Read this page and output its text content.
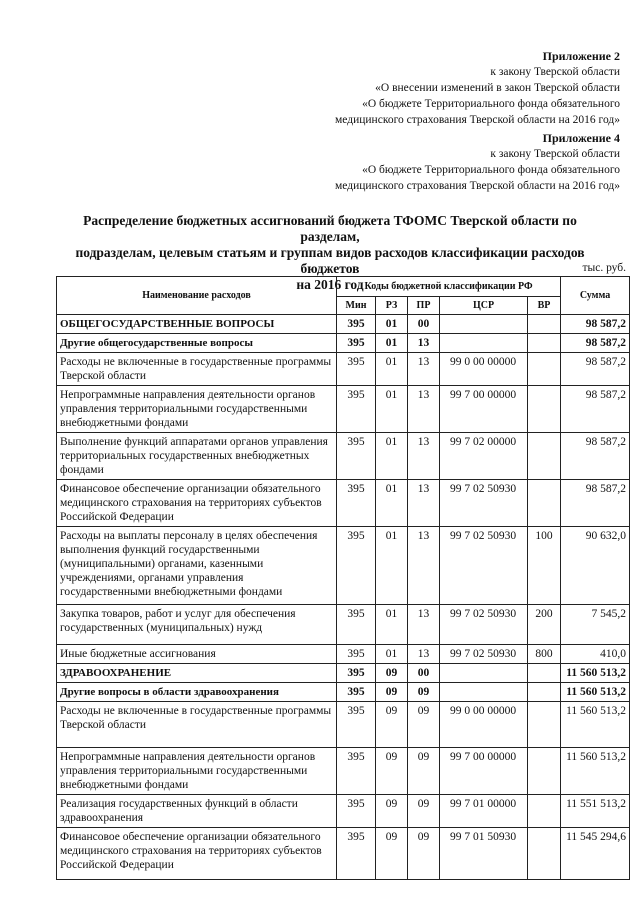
Приложение 2
к закону Тверской области
«О внесении изменений в закон Тверской области
«О бюджете Территориального фонда обязательного
медицинского страхования Тверской области на 2016 год»
Приложение 4
к закону Тверской области
«О бюджете Территориального фонда обязательного
медицинского страхования Тверской области на 2016 год»
Распределение бюджетных ассигнований бюджета ТФОМС Тверской области по разделам,
подразделам, целевым статьям и группам видов расходов классификации расходов бюджетов
на 2016 год
тыс. руб.
Наименование расходов	Коды бюджетной классификации РФ					Сумма
	Мин	РЗ	ПР	ЦСР	ВР	
ОБЩЕГОСУДАРСТВЕННЫЕ ВОПРОСЫ	395	01	00			98 587,2
Другие общегосударственные вопросы	395	01	13			98 587,2
Расходы не включенные в государственные программы Тверской области	395	01	13	99 0 00 00000		98 587,2
Непрограммные направления деятельности органов управления территориальными государственными внебюджетными фондами	395	01	13	99 7 00 00000		98 587,2
Выполнение функций аппаратами органов управления территориальных государственных внебюджетных фондами	395	01	13	99 7 02 00000		98 587,2
Финансовое обеспечение организации обязательного медицинского страхования на территориях субъектов Российской Федерации	395	01	13	99 7 02 50930		98 587,2
Расходы на выплаты персоналу в целях обеспечения выполнения функций государственными (муниципальными) органами, казенными учреждениями, органами управления государственными внебюджетными фондами	395	01	13	99 7 02 50930	100	90 632,0
Закупка товаров, работ и услуг для обеспечения государственных (муниципальных) нужд	395	01	13	99 7 02 50930	200	7 545,2
Иные бюджетные ассигнования	395	01	13	99 7 02 50930	800	410,0
ЗДРАВООХРАНЕНИЕ	395	09	00			11 560 513,2
Другие вопросы в области здравоохранения	395	09	09			11 560 513,2
Расходы не включенные в государственные программы Тверской области	395	09	09	99 0 00 00000		11 560 513,2
Непрограммные направления деятельности органов управления территориальными государственными внебюджетными фондами	395	09	09	99 7 00 00000		11 560 513,2
Реализация государственных функций в области здравоохранения	395	09	09	99 7 01 00000		11 551 513,2
Финансовое обеспечение организации обязательного медицинского страхования на территориях субъектов Российской Федерации	395	09	09	99 7 01 50930		11 545 294,6
